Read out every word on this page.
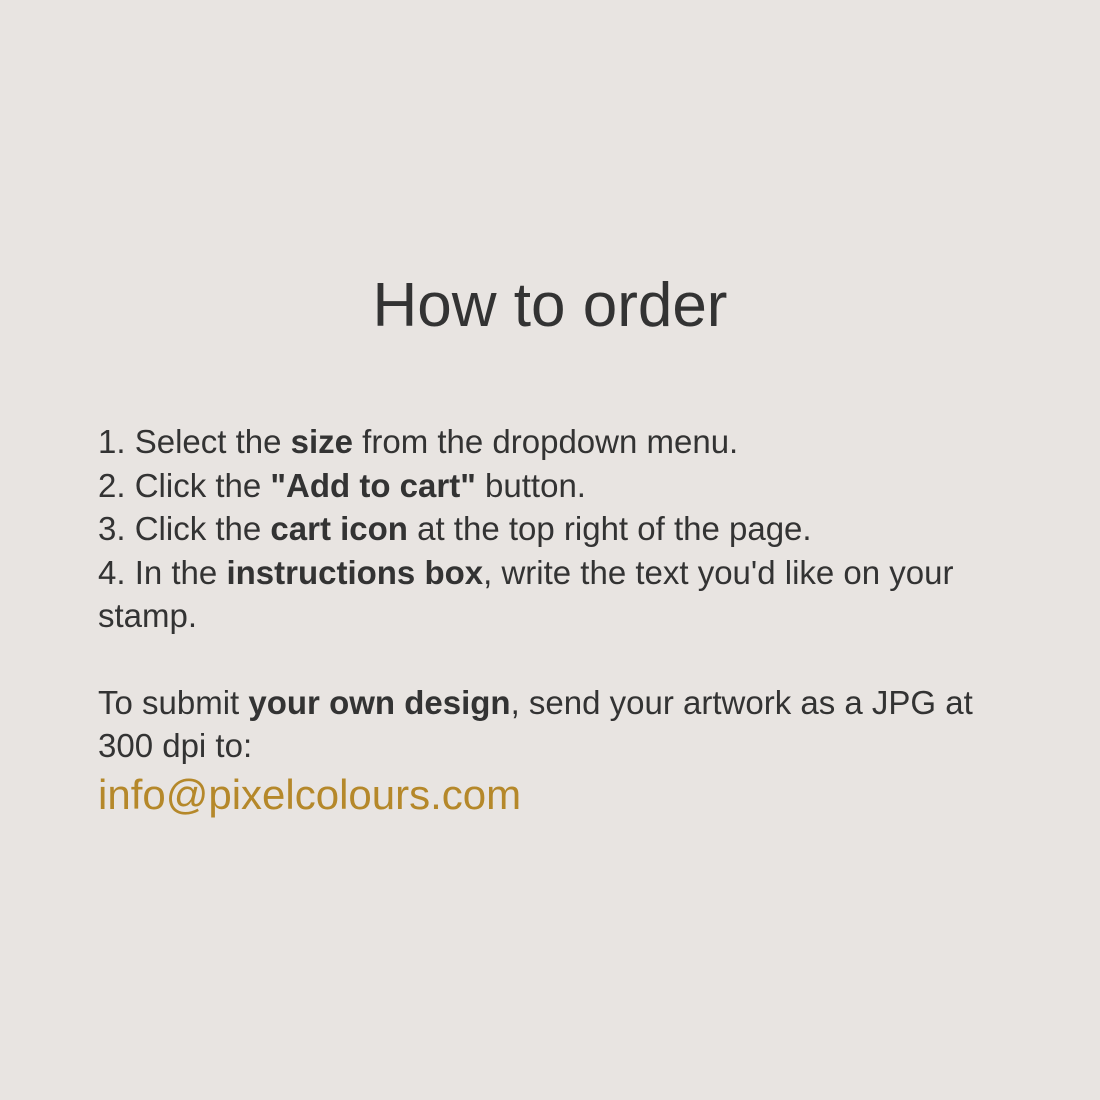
How to order
1. Select the size from the dropdown menu.
2. Click the "Add to cart" button.
3. Click the cart icon at the top right of the page.
4. In the instructions box, write the text you'd like on your stamp.
To submit your own design, send your artwork as a JPG at 300 dpi to:
info@pixelcolours.com
